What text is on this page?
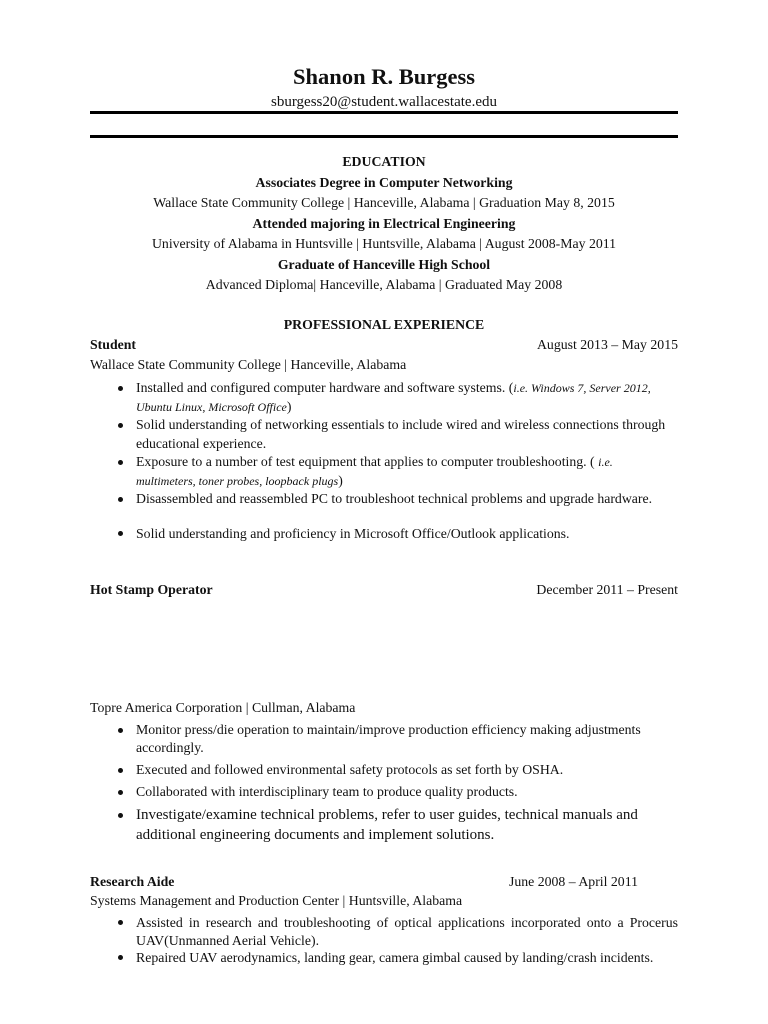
Shanon R. Burgess
sburgess20@student.wallacestate.edu
EDUCATION
Associates Degree in Computer Networking
Wallace State Community College | Hanceville, Alabama | Graduation May 8, 2015
Attended majoring in Electrical Engineering
University of Alabama in Huntsville | Huntsville, Alabama | August 2008-May 2011
Graduate of Hanceville High School
Advanced Diploma| Hanceville, Alabama | Graduated May 2008
PROFESSIONAL EXPERIENCE
Student	August 2013 – May 2015
Wallace State Community College | Hanceville, Alabama
Installed and configured computer hardware and software systems. (i.e. Windows 7, Server 2012, Ubuntu Linux, Microsoft Office)
Solid understanding of networking essentials to include wired and wireless connections through educational experience.
Exposure to a number of test equipment that applies to computer troubleshooting. ( i.e. multimeters, toner probes, loopback plugs)
Disassembled and reassembled PC to troubleshoot technical problems and upgrade hardware.
Solid understanding and proficiency in Microsoft Office/Outlook applications.
Hot Stamp Operator	December 2011 – Present
Topre America Corporation | Cullman, Alabama
Monitor press/die operation to maintain/improve production efficiency making adjustments accordingly.
Executed and followed environmental safety protocols as set forth by OSHA.
Collaborated with interdisciplinary team to produce quality products.
Investigate/examine technical problems, refer to user guides, technical manuals and additional engineering documents and implement solutions.
Research Aide	June 2008 – April 2011
Systems Management and Production Center | Huntsville, Alabama
Assisted in research and troubleshooting of optical applications incorporated onto a Procerus UAV(Unmanned Aerial Vehicle).
Repaired UAV aerodynamics, landing gear, camera gimbal caused by landing/crash incidents.
